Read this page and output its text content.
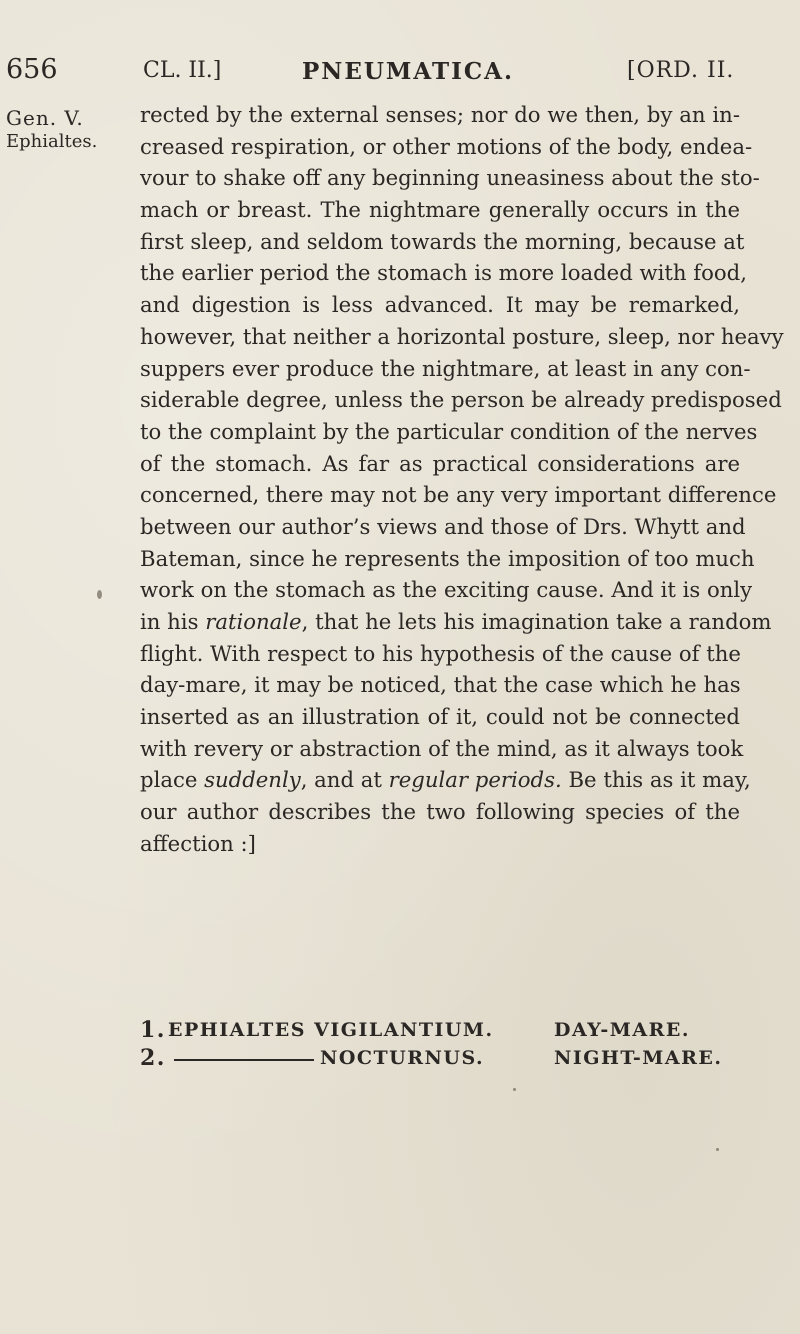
656	CL. II.]	PNEUMATICA.	[ORD. II.
Gen. V.
Ephialtes.
rected by the external senses; nor do we then, by an in-
creased respiration, or other motions of the body, endea-
vour to shake off any beginning uneasiness about the sto-
mach or breast. The nightmare generally occurs in the
first sleep, and seldom towards the morning, because at
the earlier period the stomach is more loaded with food,
and digestion is less advanced. It may be remarked,
however, that neither a horizontal posture, sleep, nor heavy
suppers ever produce the nightmare, at least in any con-
siderable degree, unless the person be already predisposed
to the complaint by the particular condition of the nerves
of the stomach. As far as practical considerations are
concerned, there may not be any very important difference
between our author’s views and those of Drs. Whytt and
Bateman, since he represents the imposition of too much
work on the stomach as the exciting cause. And it is only
in his rationale, that he lets his imagination take a random
flight. With respect to his hypothesis of the cause of the
day-mare, it may be noticed, that the case which he has
inserted as an illustration of it, could not be connected
with revery or abstraction of the mind, as it always took
place suddenly, and at regular periods. Be this as it may,
our author describes the two following species of the
affection :]
1. EPHIALTES VIGILANTIUM.	DAY-MARE.
2.	NOCTURNUS.	NIGHT-MARE.
